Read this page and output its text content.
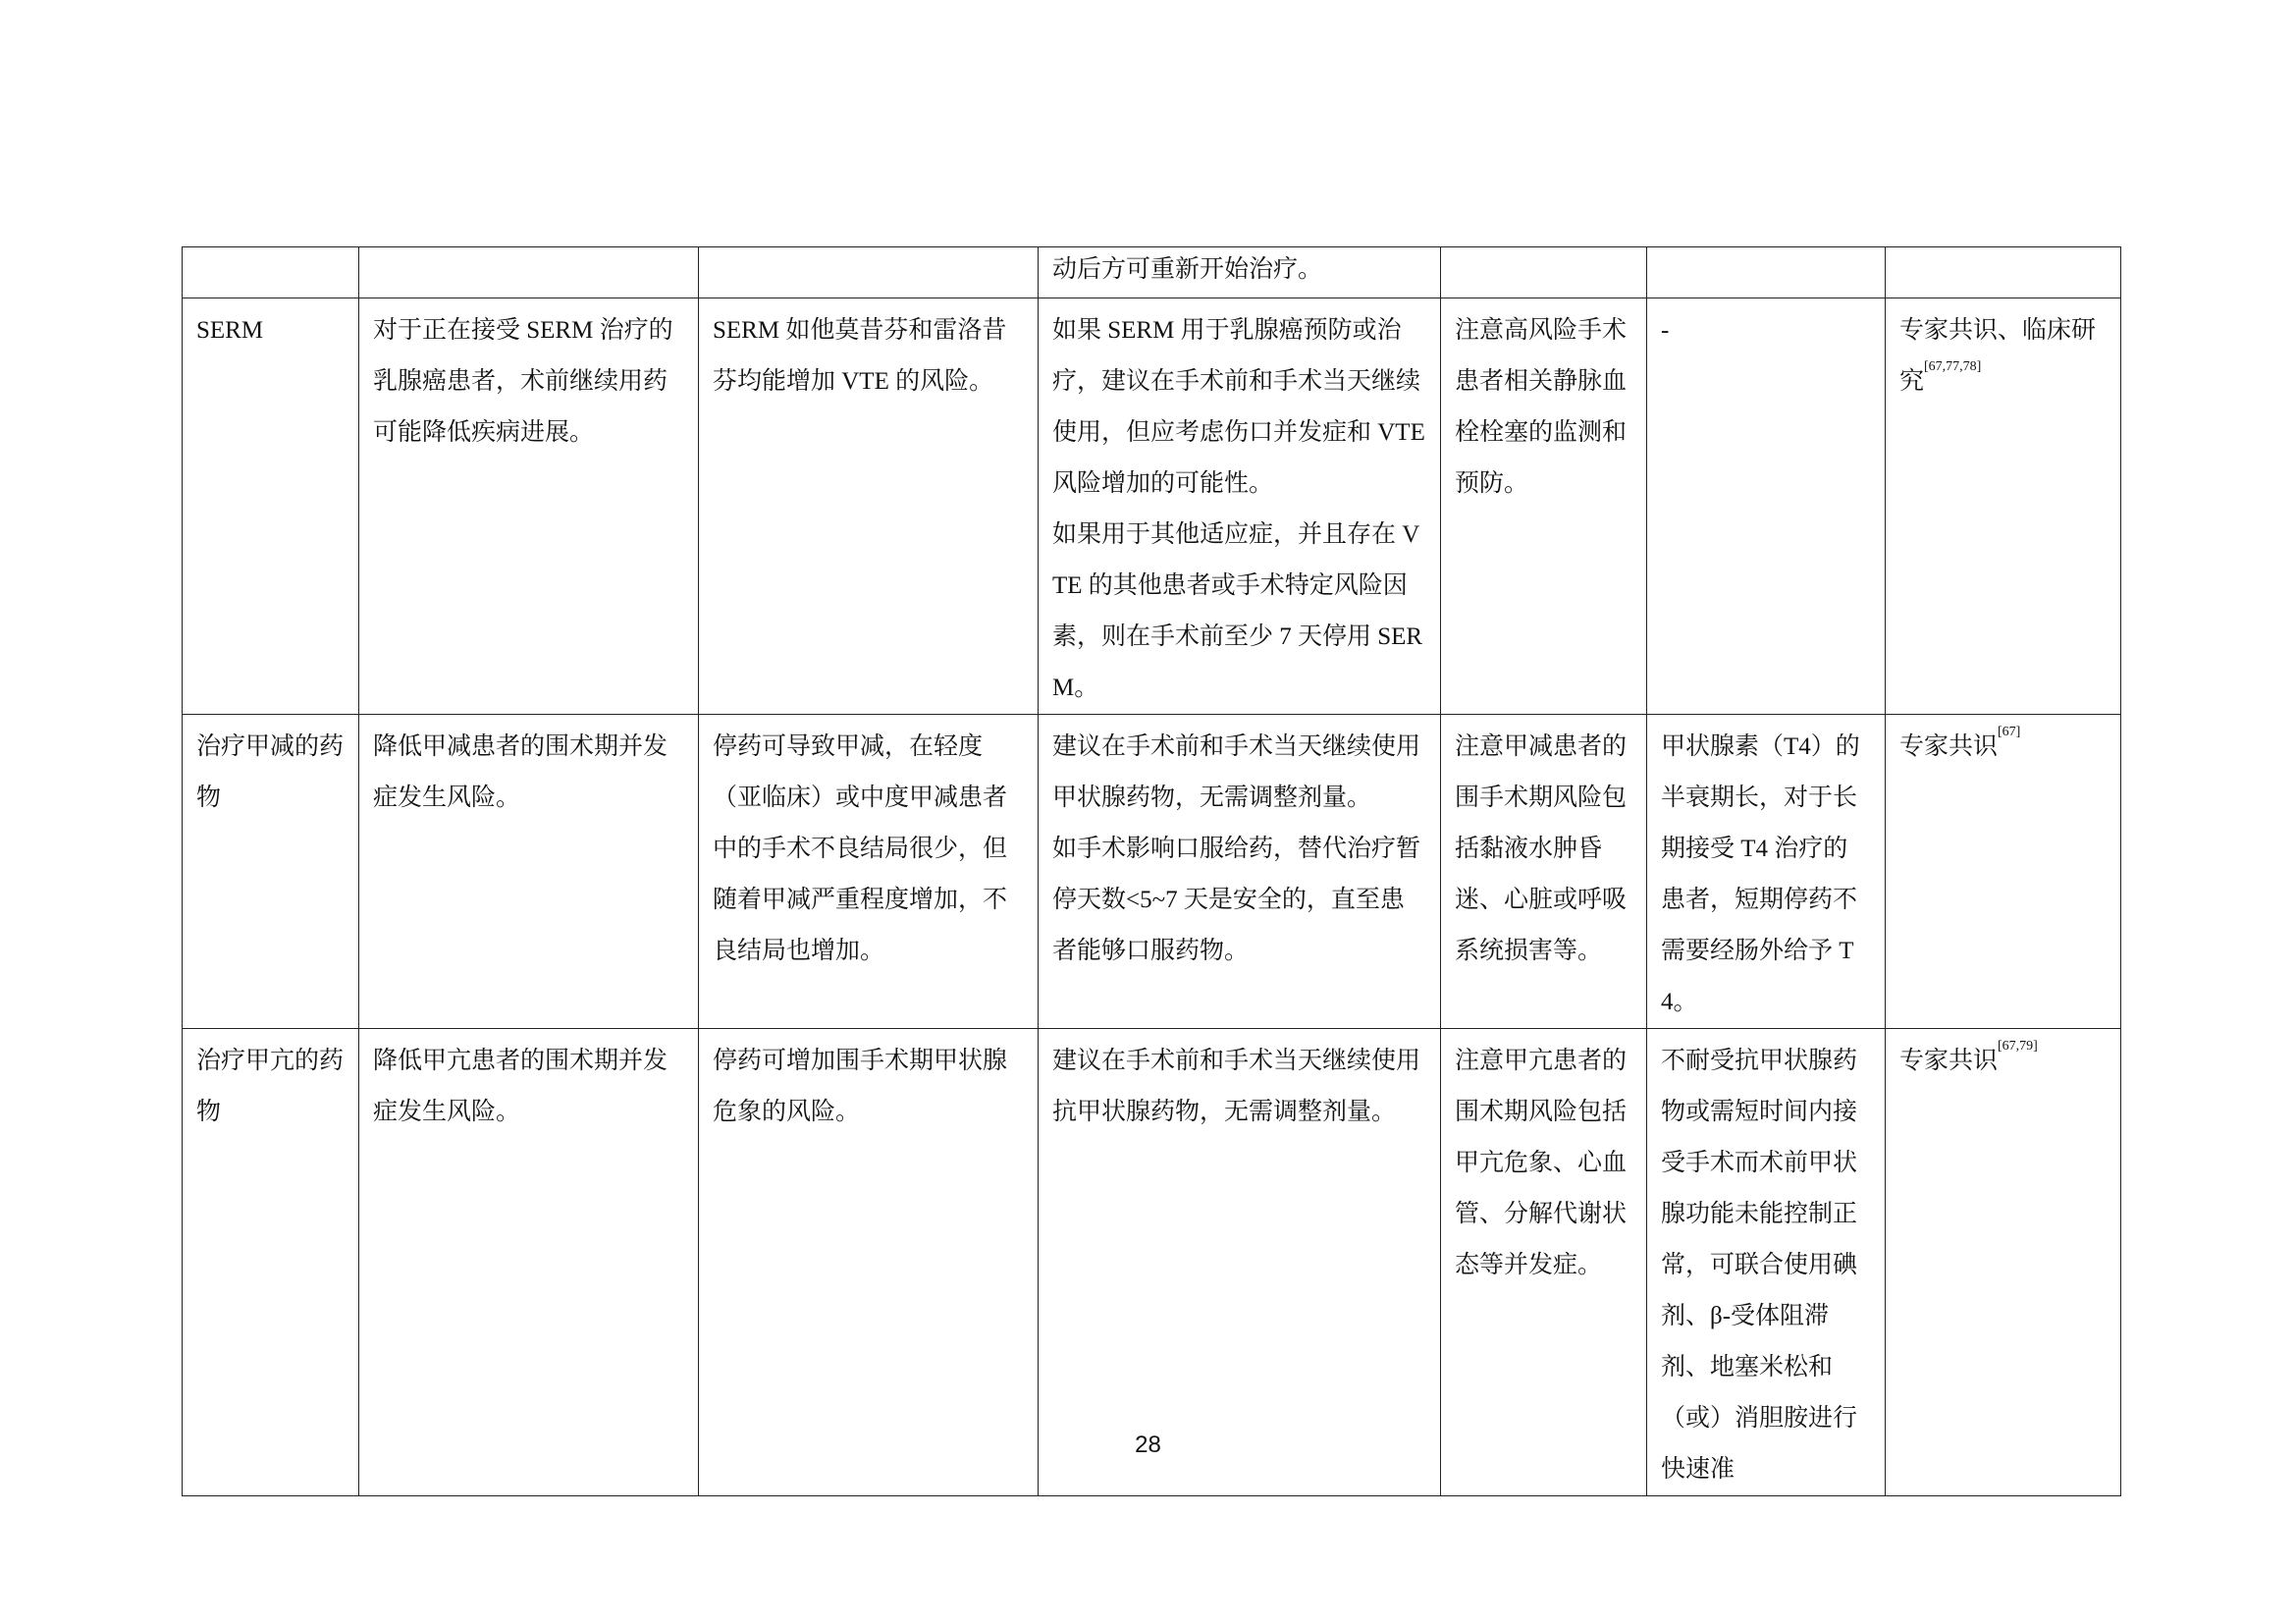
			动后方可重新开始治疗。			

SERM	对于正在接受 SERM 治疗的乳腺癌患者，术前继续用药可能降低疾病进展。	SERM 如他莫昔芬和雷洛昔芬均能增加 VTE 的风险。	如果 SERM 用于乳腺癌预防或治疗，建议在手术前和手术当天继续使用，但应考虑伤口并发症和 VTE 风险增加的可能性。
如果用于其他适应症，并且存在 VTE 的其他患者或手术特定风险因素，则在手术前至少 7 天停用 SERM。	注意高风险手术患者相关静脉血栓栓塞的监测和预防。	-	专家共识、临床研究[67,77,78]

治疗甲减的药物	降低甲减患者的围术期并发症发生风险。	停药可导致甲减，在轻度（亚临床）或中度甲减患者中的手术不良结局很少，但随着甲减严重程度增加，不良结局也增加。	建议在手术前和手术当天继续使用甲状腺药物，无需调整剂量。
如手术影响口服给药，替代治疗暂停天数<5~7 天是安全的，直至患者能够口服药物。	注意甲减患者的围手术期风险包括黏液水肿昏迷、心脏或呼吸系统损害等。	甲状腺素（T4）的半衰期长，对于长期接受 T4 治疗的患者，短期停药不需要经肠外给予 T4。	专家共识[67]

治疗甲亢的药物	降低甲亢患者的围术期并发症发生风险。	停药可增加围手术期甲状腺危象的风险。	建议在手术前和手术当天继续使用抗甲状腺药物，无需调整剂量。	注意甲亢患者的围术期风险包括甲亢危象、心血管、分解代谢状态等并发症。	不耐受抗甲状腺药物或需短时间内接受手术而术前甲状腺功能未能控制正常，可联合使用碘剂、β-受体阻滞剂、地塞米松和（或）消胆胺进行快速准	专家共识[67,79]
28
